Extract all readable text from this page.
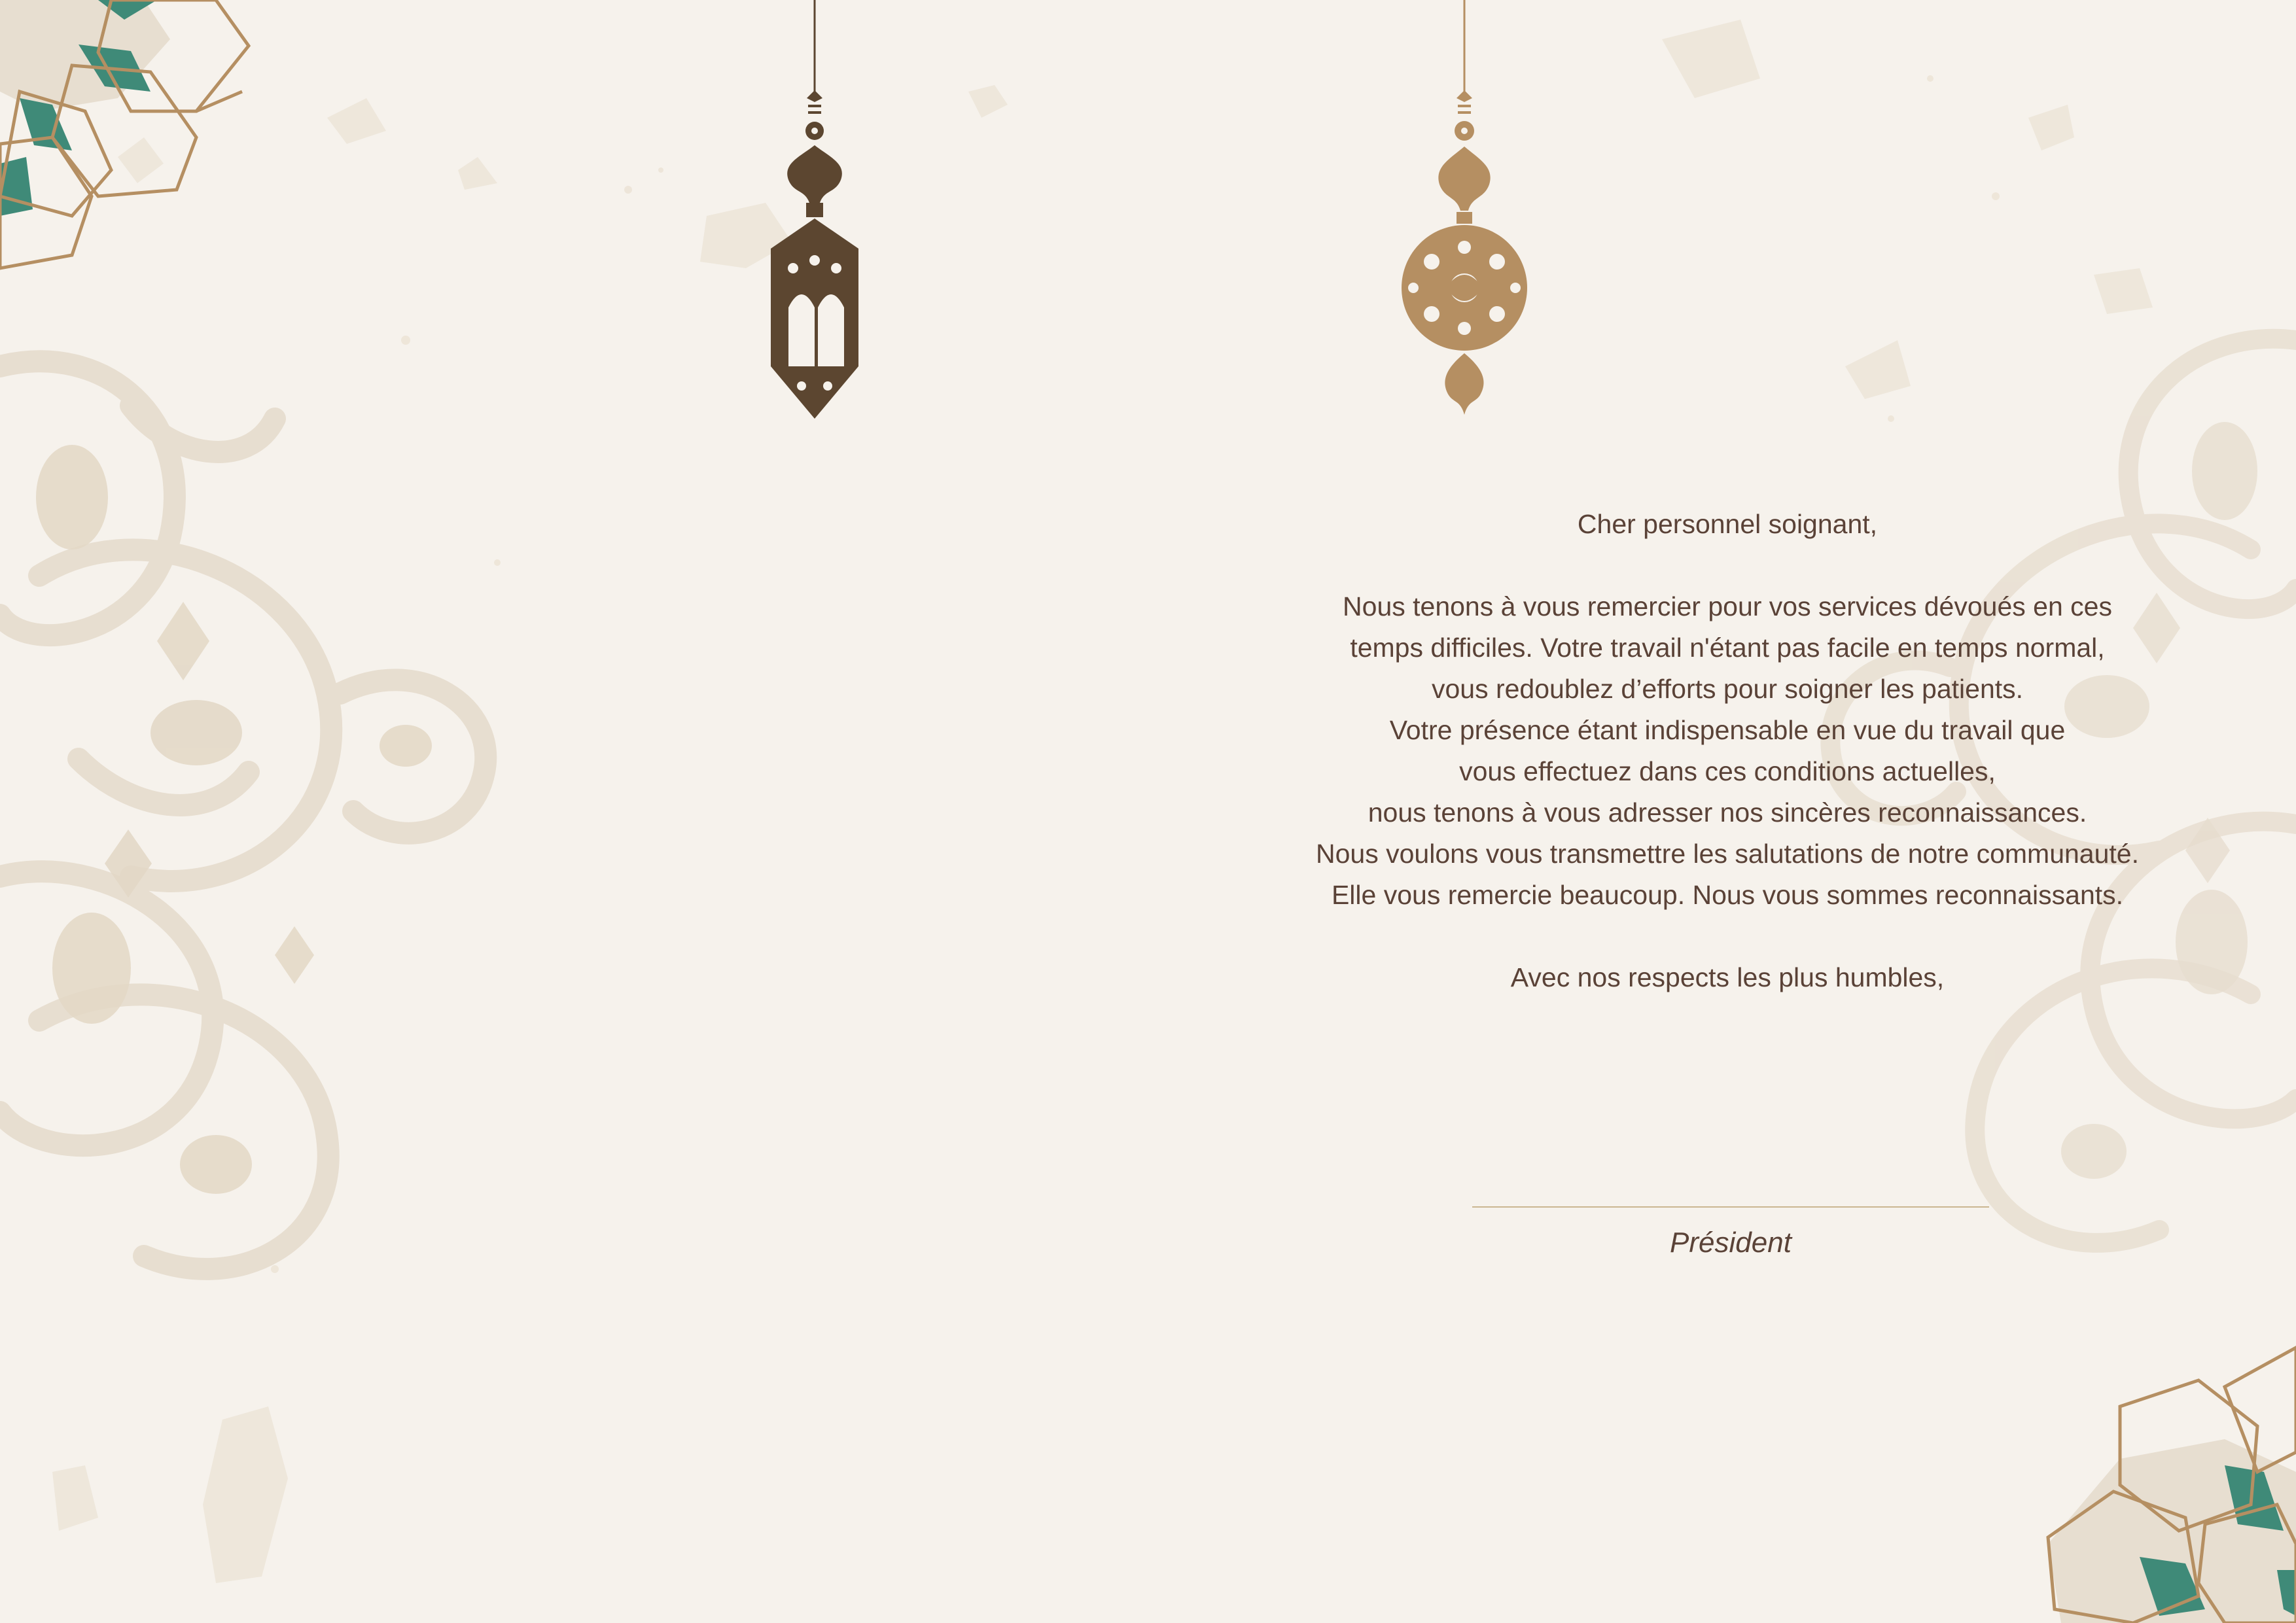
Cher personnel soignant,
Nous tenons à vous remercier pour vos services dévoués en ces
temps difficiles. Votre travail n'étant pas facile en temps normal,
vous redoublez d’efforts pour soigner les patients.
Votre présence étant indispensable en vue du travail que
vous effectuez dans ces conditions actuelles,
nous tenons à vous adresser nos sincères reconnaissances.
Nous voulons vous transmettre les salutations de notre communauté.
Elle vous remercie beaucoup. Nous vous sommes reconnaissants.
Avec nos respects les plus humbles,
Président
